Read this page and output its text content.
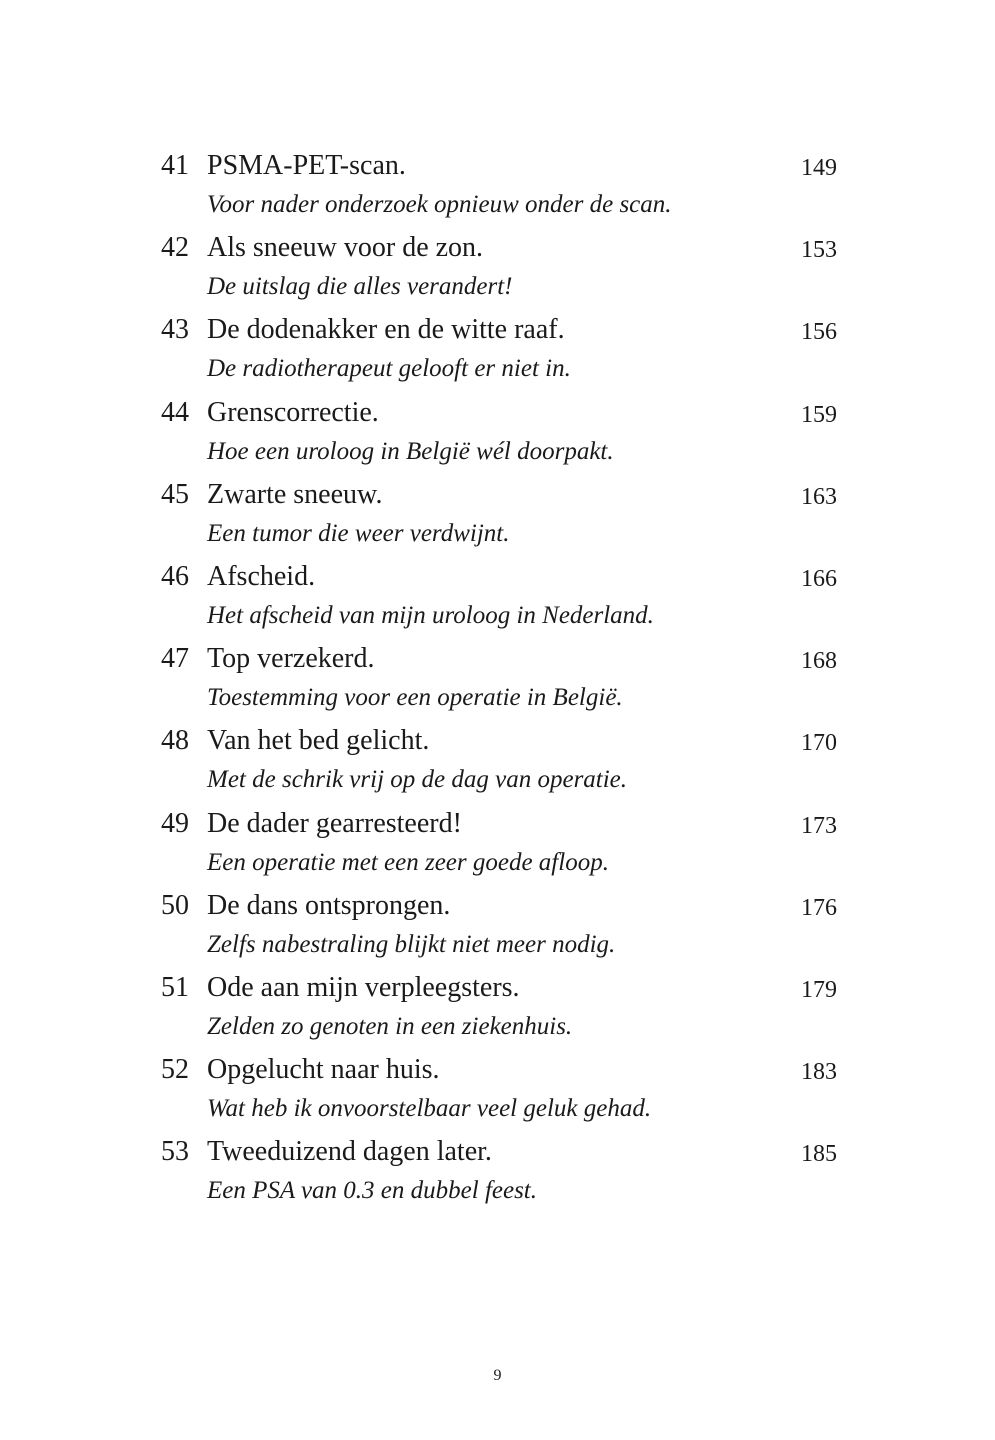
41 PSMA-PET-scan.	149
Voor nader onderzoek opnieuw onder de scan.
42 Als sneeuw voor de zon.	153
De uitslag die alles verandert!
43 De dodenakker en de witte raaf.	156
De radiotherapeut gelooft er niet in.
44 Grenscorrectie.	159
Hoe een uroloog in België wél doorpakt.
45 Zwarte sneeuw.	163
Een tumor die weer verdwijnt.
46 Afscheid.	166
Het afscheid van mijn uroloog in Nederland.
47 Top verzekerd.	168
Toestemming voor een operatie in België.
48 Van het bed gelicht.	170
Met de schrik vrij op de dag van operatie.
49 De dader gearresteerd!	173
Een operatie met een zeer goede afloop.
50 De dans ontsprongen.	176
Zelfs nabestraling blijkt niet meer nodig.
51 Ode aan mijn verpleegsters.	179
Zelden zo genoten in een ziekenhuis.
52 Opgelucht naar huis.	183
Wat heb ik onvoorstelbaar veel geluk gehad.
53 Tweeduizend dagen later.	185
Een PSA van 0.3 en dubbel feest.
9
